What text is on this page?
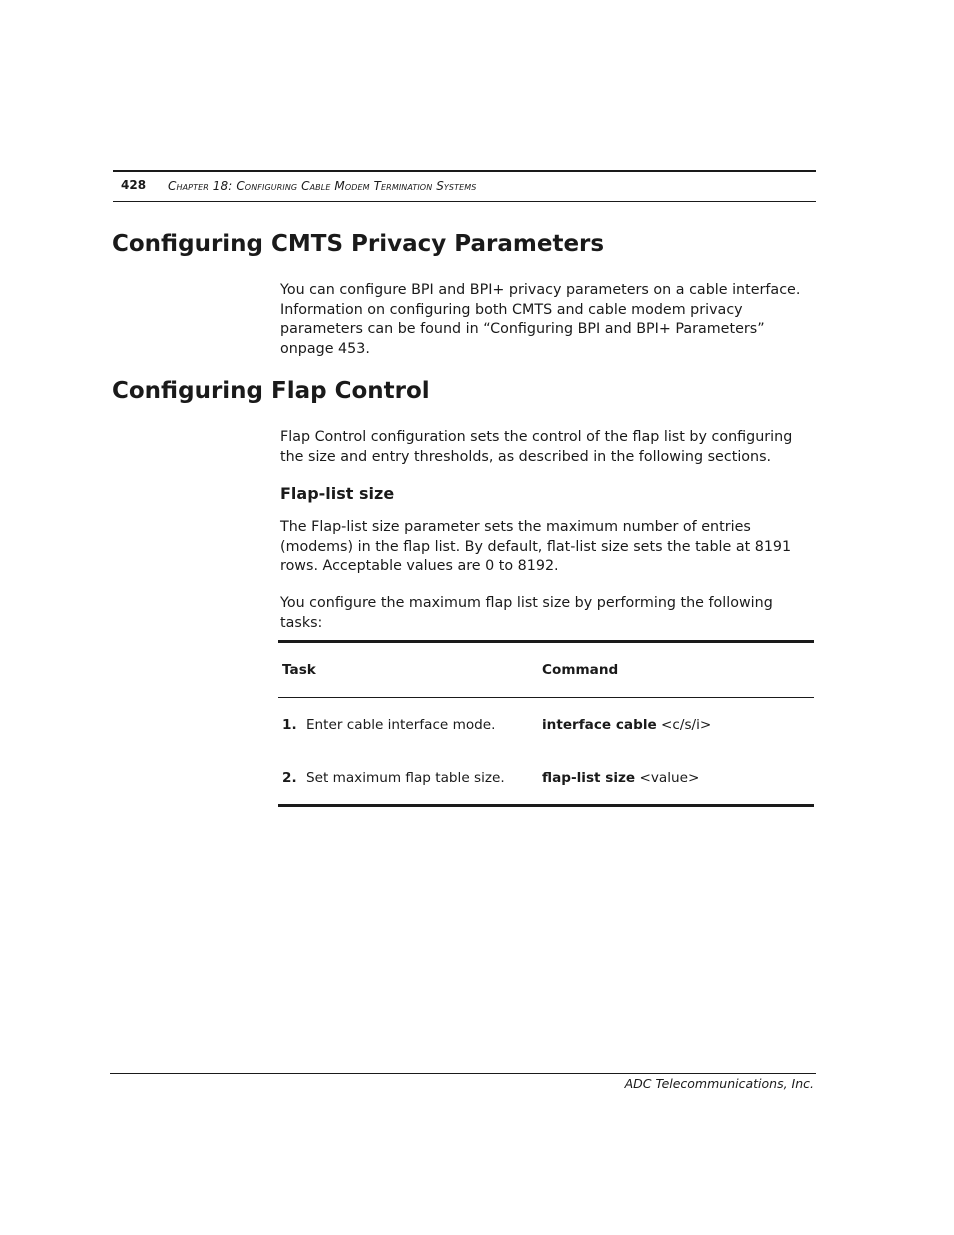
428 Chapter 18: Configuring Cable Modem Termination Systems
Configuring CMTS Privacy Parameters

You can configure BPI and BPI+ privacy parameters on a cable interface. Information on configuring both CMTS and cable modem privacy parameters can be found in “Configuring BPI and BPI+ Parameters” onpage 453.

Configuring Flap Control

Flap Control configuration sets the control of the flap list by configuring the size and entry thresholds, as described in the following sections.

Flap-list size

The Flap-list size parameter sets the maximum number of entries (modems) in the flap list. By default, flat-list size sets the table at 8191 rows. Acceptable values are 0 to 8192.

You configure the maximum flap list size by performing the following tasks:

Task	Command
1. Enter cable interface mode.	interface cable <c/s/i>
2. Set maximum flap table size.	flap-list size <value>
ADC Telecommunications, Inc.
